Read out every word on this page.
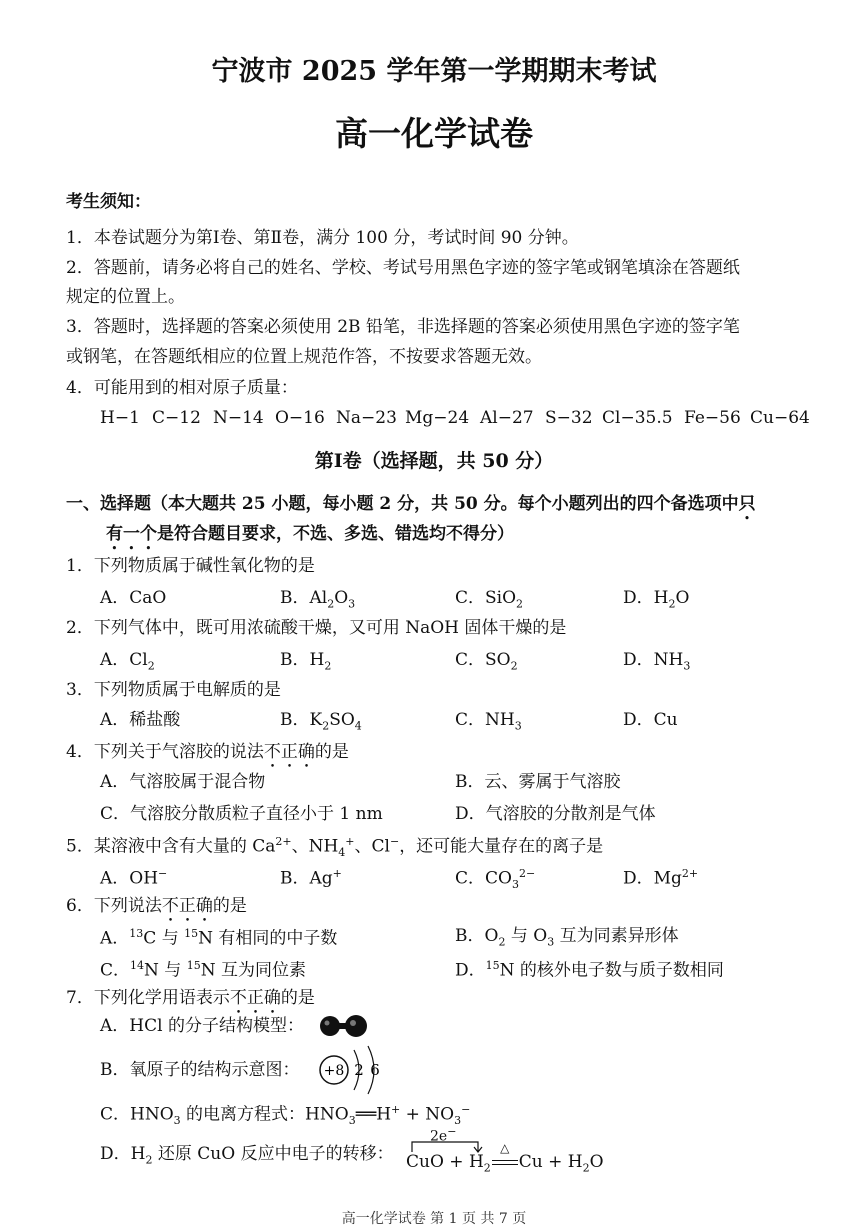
宁波市 2025 学年第一学期期末考试
高一化学试卷
考生须知：
1．本卷试题分为第Ⅰ卷、第Ⅱ卷，满分 100 分，考试时间 90 分钟。
2．答题前，请务必将自己的姓名、学校、考试号用黑色字迹的签字笔或钢笔填涂在答题纸
规定的位置上。
3．答题时，选择题的答案必须使用 2B 铅笔，非选择题的答案必须使用黑色字迹的签字笔
或钢笔，在答题纸相应的位置上规范作答，不按要求答题无效。
4．可能用到的相对原子质量：
H−1 C−12 N−14 O−16 Na−23 Mg−24 Al−27 S−32 Cl−35.5 Fe−56 Cu−64
第Ⅰ卷（选择题，共 50 分）
一、选择题（本大题共 25 小题，每小题 2 分，共 50 分。每个小题列出的四个备选项中只
有一个是符合题目要求，不选、多选、错选均不得分）
1．下列物质属于碱性氧化物的是
A．CaO	B．$Al_2O_3$	C．SiO$_2$	D．$H_2O$
2．下列气体中，既可用浓硫酸干燥，又可用 NaOH 固体干燥的是
A．$Cl_2$	B．$H_2$	C．$SO_2$	D．$NH_3$
3．下列物质属于电解质的是
A．稀盐酸	B．$K_2SO_4$	C．$NH_3$	D．Cu
4．下列关于气溶胶的说法不正确的是
A．气溶胶属于混合物	B．云、雾属于气溶胶
C．气溶胶分散质粒子直径小于 1 nm	D．气溶胶的分散剂是气体
5．某溶液中含有大量的 $Ca^{2+}$、$NH_4^+$、Cl−，还可能大量存在的离子是
A．OH−	B．Ag+	C．$CO_3^{2-}$	D．$Mg^{2+}$
6．下列说法不正确的是
A．$^{13}$C 与 $^{15}$N 有相同的中子数	B．$O_2$ 与 $O_3$ 互为同素异形体
C．$^{14}$N 与 $^{15}$N 互为同位素	D．$^{15}$N 的核外电子数与质子数相同
7．下列化学用语表示不正确的是
A．HCl 的分子结构模型：
B．氧原子的结构示意图： +8 2 6
C．$HNO_3$ 的电离方程式：$HNO_3══H^+ + NO_3^-$
D．$H_2$ 还原 CuO 反应中电子的转移：
2e−
CuO + $H_2$
△
$Cu + H_2O$
高一化学试卷 第 1 页 共 7 页
